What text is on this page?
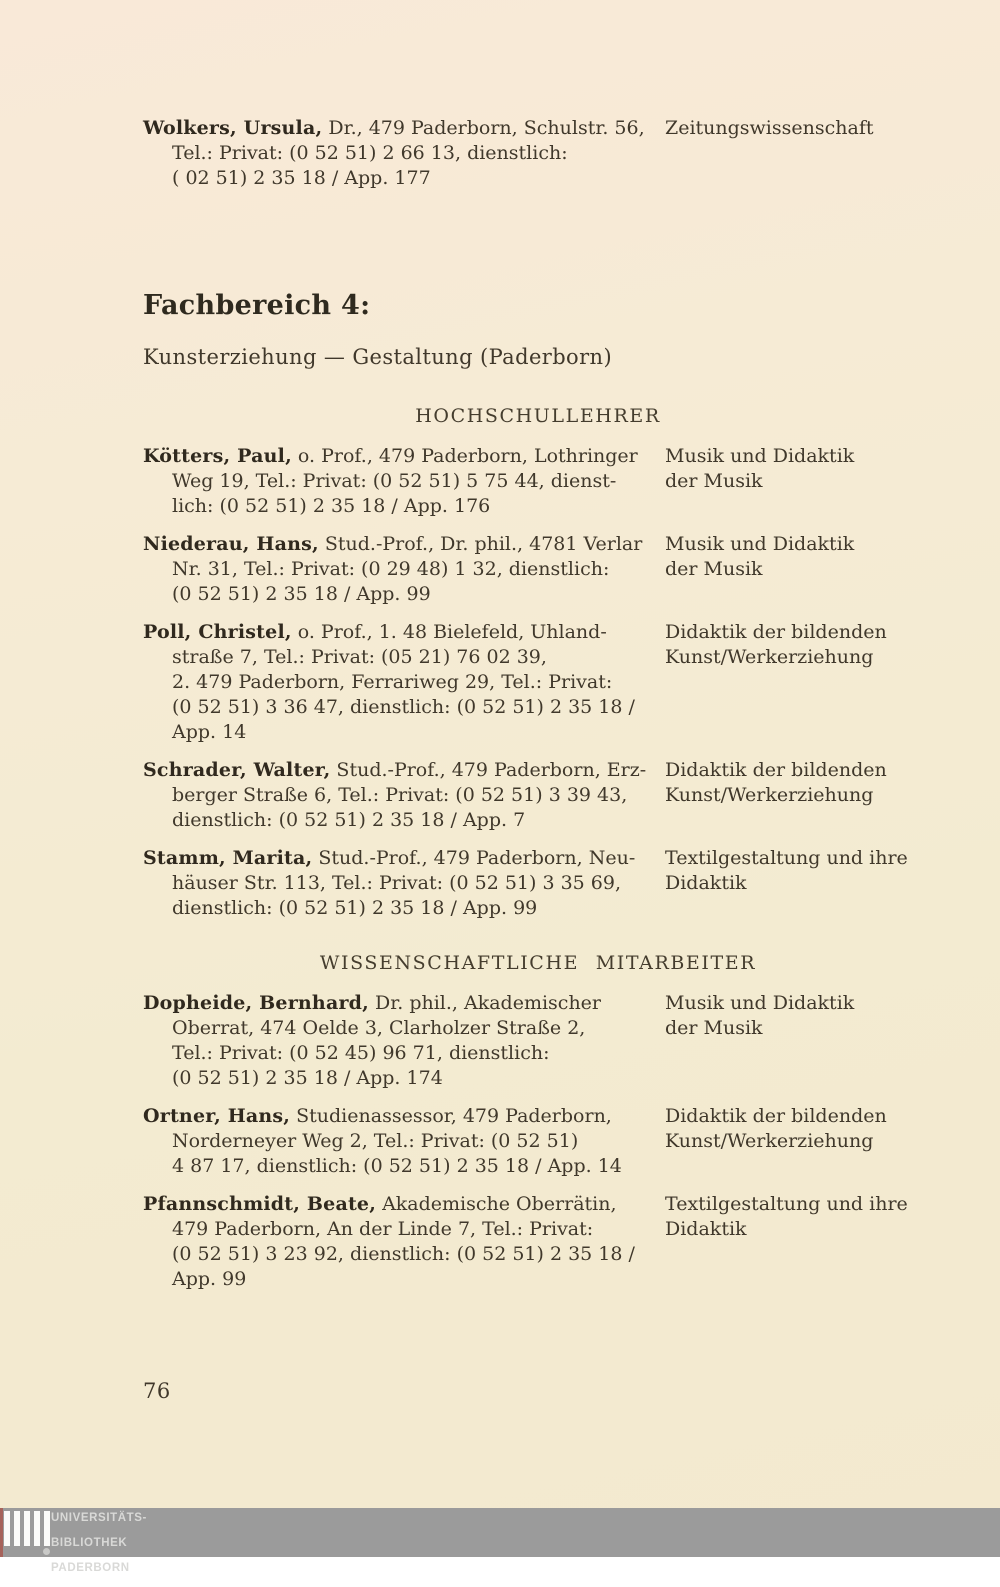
Wolkers, Ursula, Dr., 479 Paderborn, Schulstr. 56,
Tel.: Privat: (0 52 51) 2 66 13, dienstlich:
( 02 51) 2 35 18 / App. 177
Zeitungswissenschaft
Fachbereich 4:
Kunsterziehung — Gestaltung (Paderborn)
HOCHSCHULLEHRER
Kötters, Paul, o. Prof., 479 Paderborn, Lothringer
Weg 19, Tel.: Privat: (0 52 51) 5 75 44, dienst-
lich: (0 52 51) 2 35 18 / App. 176
Musik und Didaktik
der Musik
Niederau, Hans, Stud.-Prof., Dr. phil., 4781 Verlar
Nr. 31, Tel.: Privat: (0 29 48) 1 32, dienstlich:
(0 52 51) 2 35 18 / App. 99
Musik und Didaktik
der Musik
Poll, Christel, o. Prof., 1. 48 Bielefeld, Uhland-
straße 7, Tel.: Privat: (05 21) 76 02 39,
2. 479 Paderborn, Ferrariweg 29, Tel.: Privat:
(0 52 51) 3 36 47, dienstlich: (0 52 51) 2 35 18 /
App. 14
Didaktik der bildenden
Kunst/Werkerziehung
Schrader, Walter, Stud.-Prof., 479 Paderborn, Erz-
berger Straße 6, Tel.: Privat: (0 52 51) 3 39 43,
dienstlich: (0 52 51) 2 35 18 / App. 7
Didaktik der bildenden
Kunst/Werkerziehung
Stamm, Marita, Stud.-Prof., 479 Paderborn, Neu-
häuser Str. 113, Tel.: Privat: (0 52 51) 3 35 69,
dienstlich: (0 52 51) 2 35 18 / App. 99
Textilgestaltung und ihre
Didaktik
WISSENSCHAFTLICHE MITARBEITER
Dopheide, Bernhard, Dr. phil., Akademischer
Oberrat, 474 Oelde 3, Clarholzer Straße 2,
Tel.: Privat: (0 52 45) 96 71, dienstlich:
(0 52 51) 2 35 18 / App. 174
Musik und Didaktik
der Musik
Ortner, Hans, Studienassessor, 479 Paderborn,
Norderneyer Weg 2, Tel.: Privat: (0 52 51)
4 87 17, dienstlich: (0 52 51) 2 35 18 / App. 14
Didaktik der bildenden
Kunst/Werkerziehung
Pfannschmidt, Beate, Akademische Oberrätin,
479 Paderborn, An der Linde 7, Tel.: Privat:
(0 52 51) 3 23 92, dienstlich: (0 52 51) 2 35 18 /
App. 99
Textilgestaltung und ihre
Didaktik
76
UNIVERSITÄTS-
BIBLIOTHEK
PADERBORN
